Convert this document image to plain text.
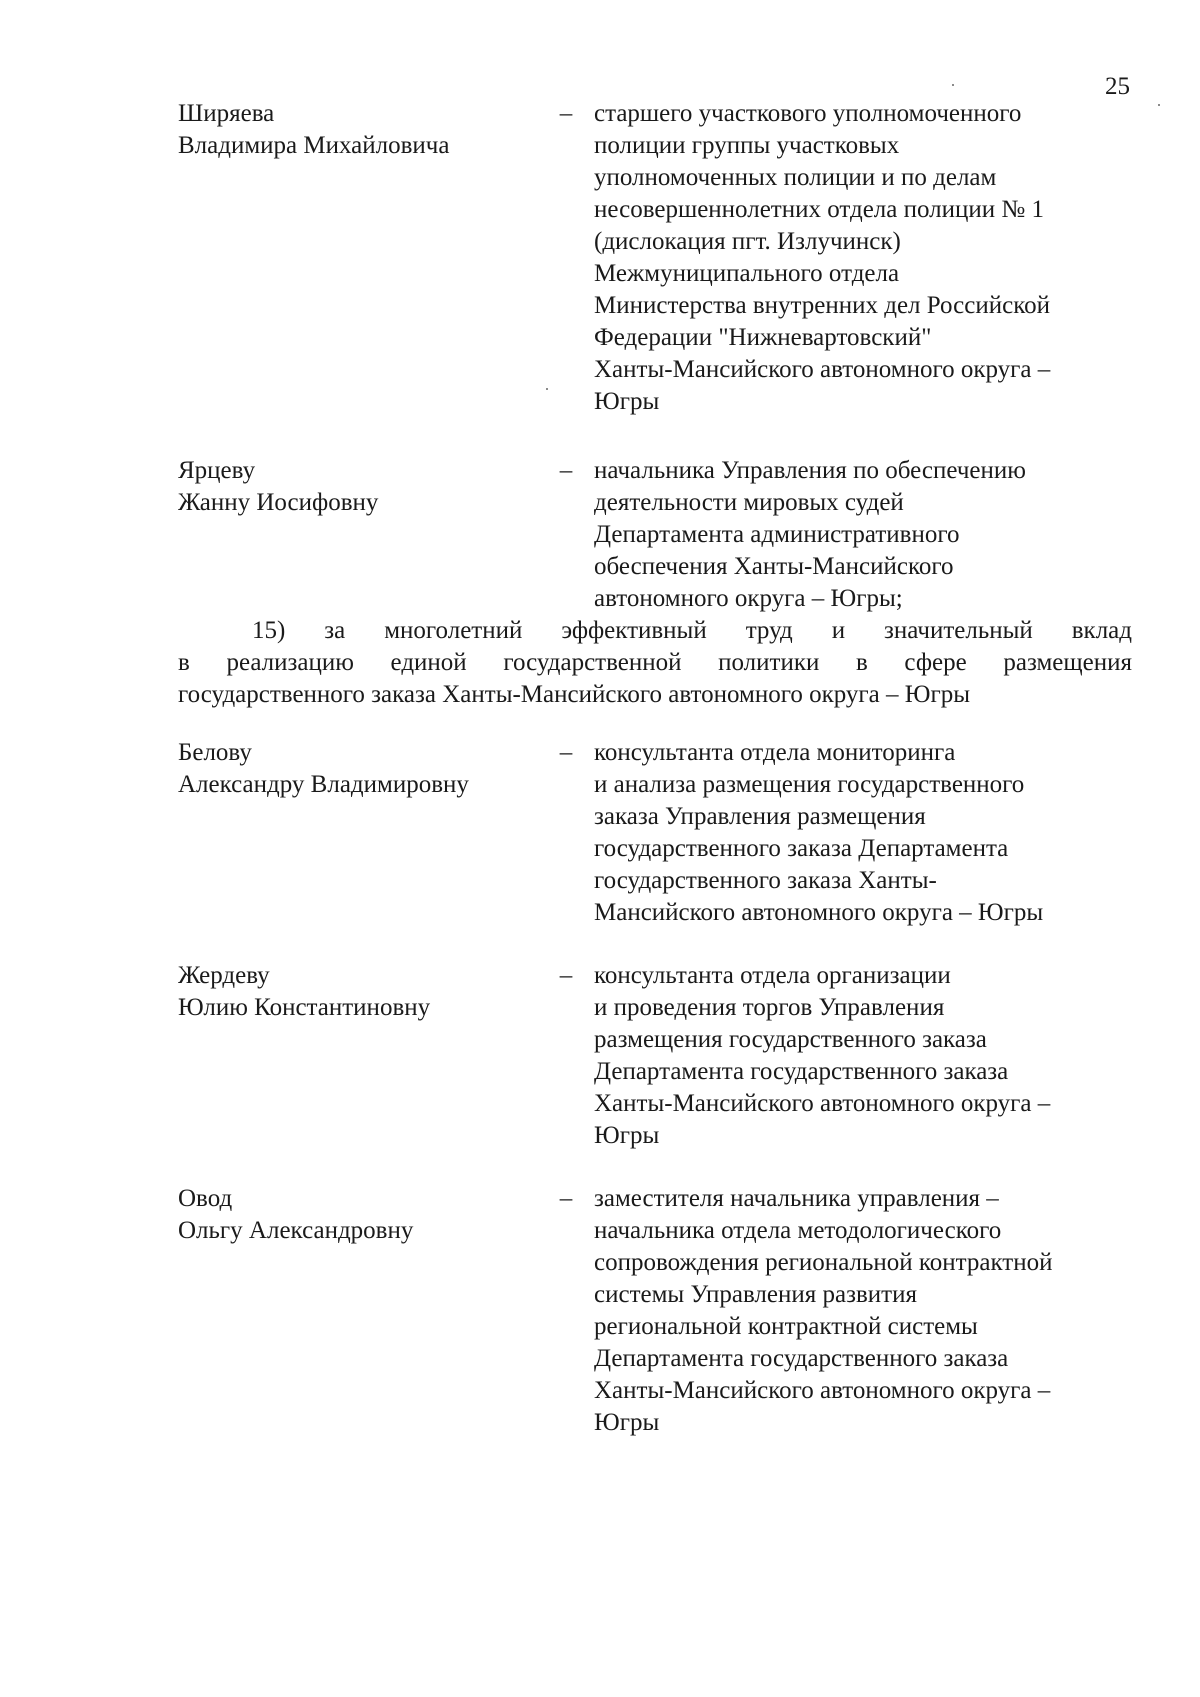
25
Ширяева
Владимира Михайловича
– старшего участкового уполномоченного
полиции группы участковых
уполномоченных полиции и по делам
несовершеннолетних отдела полиции № 1
(дислокация пгт. Излучинск)
Межмуниципального отдела
Министерства внутренних дел Российской
Федерации "Нижневартовский"
Ханты-Мансийского автономного округа –
Югры
Ярцеву
Жанну Иосифовну
– начальника Управления по обеспечению
деятельности мировых судей
Департамента административного
обеспечения Ханты-Мансийского
автономного округа – Югры;
15) за многолетний эффективный труд и значительный вклад
в реализацию единой государственной политики в сфере размещения
государственного заказа Ханты-Мансийского автономного округа – Югры
Белову
Александру Владимировну
– консультанта отдела мониторинга
и анализа размещения государственного
заказа Управления размещения
государственного заказа Департамента
государственного заказа Ханты-
Мансийского автономного округа – Югры
Жердеву
Юлию Константиновну
– консультанта отдела организации
и проведения торгов Управления
размещения государственного заказа
Департамента государственного заказа
Ханты-Мансийского автономного округа –
Югры
Овод
Ольгу Александровну
– заместителя начальника управления –
начальника отдела методологического
сопровождения региональной контрактной
системы Управления развития
региональной контрактной системы
Департамента государственного заказа
Ханты-Мансийского автономного округа –
Югры
